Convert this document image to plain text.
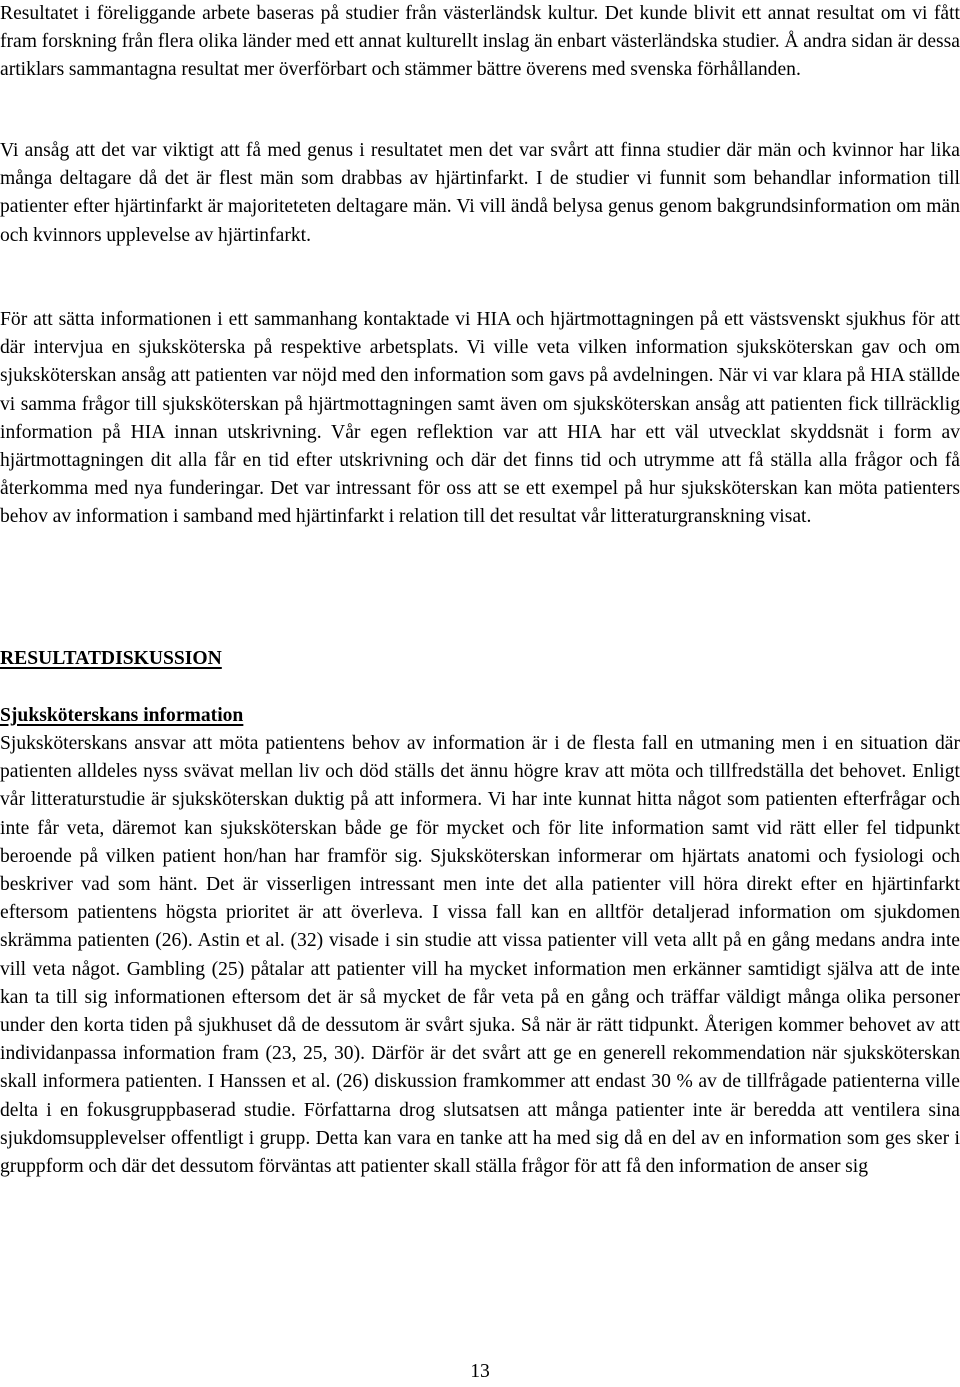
Resultatet i föreliggande arbete baseras på studier från västerländsk kultur. Det kunde blivit ett annat resultat om vi fått fram forskning från flera olika länder med ett annat kulturellt inslag än enbart västerländska studier. Å andra sidan är dessa artiklars sammantagna resultat mer överförbart och stämmer bättre överens med svenska förhållanden.

Vi ansåg att det var viktigt att få med genus i resultatet men det var svårt att finna studier där män och kvinnor har lika många deltagare då det är flest män som drabbas av hjärtinfarkt. I de studier vi funnit som behandlar information till patienter efter hjärtinfarkt är majoriteteten deltagare män. Vi vill ändå belysa genus genom bakgrundsinformation om män och kvinnors upplevelse av hjärtinfarkt.

För att sätta informationen i ett sammanhang kontaktade vi HIA och hjärtmottagningen på ett västsvenskt sjukhus för att där intervjua en sjuksköterska på respektive arbetsplats. Vi ville veta vilken information sjuksköterskan gav och om sjuksköterskan ansåg att patienten var nöjd med den information som gavs på avdelningen. När vi var klara på HIA ställde vi samma frågor till sjuksköterskan på hjärtmottagningen samt även om sjuksköterskan ansåg att patienten fick tillräcklig information på HIA innan utskrivning. Vår egen reflektion var att HIA har ett väl utvecklat skyddsnät i form av hjärtmottagningen dit alla får en tid efter utskrivning och där det finns tid och utrymme att få ställa alla frågor och få återkomma med nya funderingar. Det var intressant för oss att se ett exempel på hur sjuksköterskan kan möta patienters behov av information i samband med hjärtinfarkt i relation till det resultat vår litteraturgranskning visat.

RESULTATDISKUSSION
Sjuksköterskans information

Sjuksköterskans ansvar att möta patientens behov av information är i de flesta fall en utmaning men i en situation där patienten alldeles nyss svävat mellan liv och död ställs det ännu högre krav att möta och tillfredställa det behovet. Enligt vår litteraturstudie är sjuksköterskan duktig på att informera. Vi har inte kunnat hitta något som patienten efterfrågar och inte får veta, däremot kan sjuksköterskan både ge för mycket och för lite information samt vid rätt eller fel tidpunkt beroende på vilken patient hon/han har framför sig. Sjuksköterskan informerar om hjärtats anatomi och fysiologi och beskriver vad som hänt. Det är visserligen intressant men inte det alla patienter vill höra direkt efter en hjärtinfarkt eftersom patientens högsta prioritet är att överleva. I vissa fall kan en alltför detaljerad information om sjukdomen skrämma patienten (26). Astin et al. (32) visade i sin studie att vissa patienter vill veta allt på en gång medans andra inte vill veta något. Gambling (25) påtalar att patienter vill ha mycket information men erkänner samtidigt själva att de inte kan ta till sig informationen eftersom det är så mycket de får veta på en gång och träffar väldigt många olika personer under den korta tiden på sjukhuset då de dessutom är svårt sjuka. Så när är rätt tidpunkt. Återigen kommer behovet av att individanpassa information fram (23, 25, 30). Därför är det svårt att ge en generell rekommendation när sjuksköterskan skall informera patienten. I Hanssen et al. (26) diskussion framkommer att endast 30 % av de tillfrågade patienterna ville delta i en fokusgruppbaserad studie. Författarna drog slutsatsen att många patienter inte är beredda att ventilera sina sjukdomsupplevelser offentligt i grupp. Detta kan vara en tanke att ha med sig då en del av en information som ges sker i gruppform och där det dessutom förväntas att patienter skall ställa frågor för att få den information de anser sig

13
